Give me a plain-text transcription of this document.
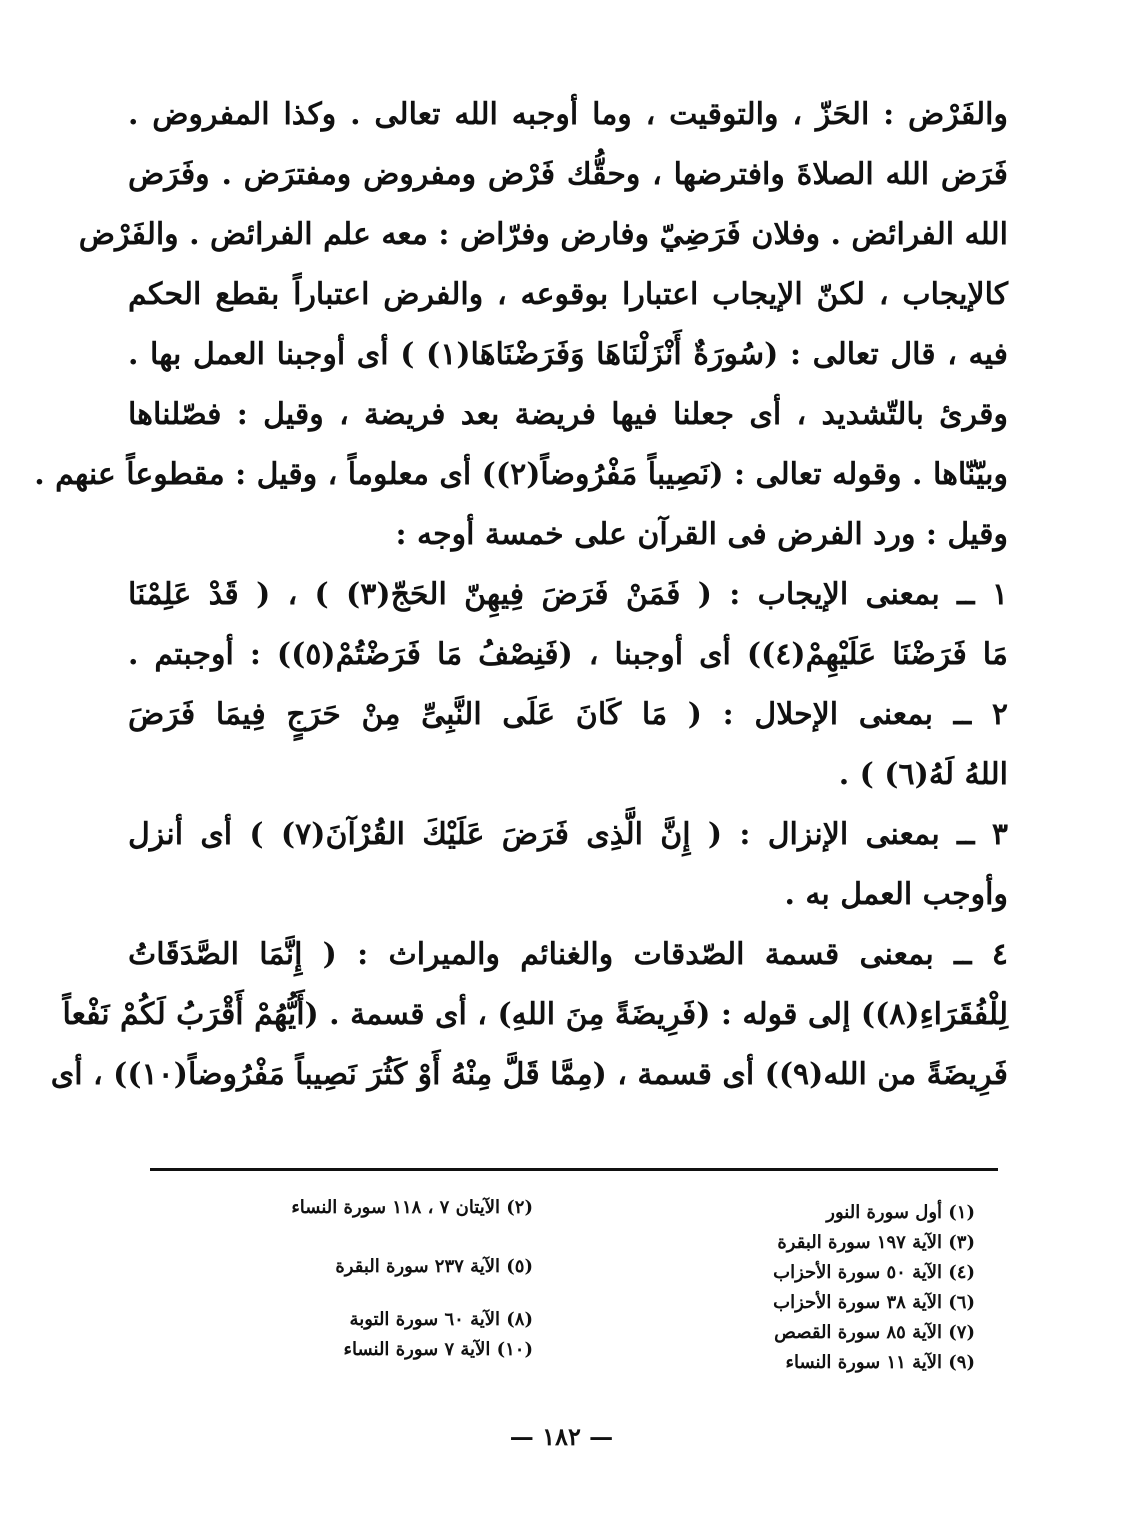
والفَرْض : الحَزّ ، والتوقيت ، وما أوجبه الله تعالى . وكذا المفروض .
فَرَض الله الصلاةَ وافترضها ، وحقُّك فَرْض ومفروض ومفترَض . وفَرَض
الله الفرائض . وفلان فَرَضِيّ وفارض وفرّاض : معه علم الفرائض . والفَرْض
كالإيجاب ، لكنّ الإيجاب اعتبارا بوقوعه ، والفرض اعتباراً بقطع الحكم
فيه ، قال تعالى : (سُورَةٌ أَنْزَلْنَاهَا وَفَرَضْنَاهَا(١) ) أى أوجبنا العمل بها .
وقرئ بالتّشديد ، أى جعلنا فيها فريضة بعد فريضة ، وقيل : فصّلناها
وبيّنّاها . وقوله تعالى : (نَصِيباً مَفْرُوضاً(٢)) أى معلوماً ، وقيل : مقطوعاً عنهم .
وقيل : ورد الفرض فى القرآن على خمسة أوجه :
١ ــ بمعنى الإيجاب : ( فَمَنْ فَرَضَ فِيهِنّ الحَجّ(٣) ) ، ( قَدْ عَلِمْنَا
مَا فَرَضْنَا عَلَيْهِمْ(٤)) أى أوجبنا ، (فَنِصْفُ مَا فَرَضْتُمْ(٥)) : أوجبتم .
٢ ــ بمعنى الإحلال : ( مَا كَانَ عَلَى النَّبِىِّ مِنْ حَرَجٍ فِيمَا فَرَضَ
اللهُ لَهُ(٦) ) .
٣ ــ بمعنى الإنزال : ( إِنَّ الَّذِى فَرَضَ عَلَيْكَ القُرْآنَ(٧) ) أى أنزل
وأوجب العمل به .
٤ ــ بمعنى قسمة الصّدقات والغنائم والميراث : ( إِنَّمَا الصَّدَقَاتُ
لِلْفُقَرَاءِ(٨)) إلى قوله : (فَرِيضَةً مِنَ اللهِ) ، أى قسمة . (أَيُّهُمْ أَقْرَبُ لَكُمْ نَفْعاً
فَرِيضَةً من الله(٩)) أى قسمة ، (مِمَّا قَلَّ مِنْهُ أَوْ كَثُرَ نَصِيباً مَفْرُوضاً(١٠)) ، أى
(١) أول سورة النور
(٣) الآية ١٩٧ سورة البقرة
(٤) الآية ٥٠ سورة الأحزاب
(٦) الآية ٣٨ سورة الأحزاب
(٧) الآية ٨٥ سورة القصص
(٩) الآية ١١ سورة النساء
(٢) الآيتان ٧ ، ١١٨ سورة النساء
(٥) الآية ٢٣٧ سورة البقرة
(٨) الآية ٦٠ سورة التوبة
(١٠) الآية ٧ سورة النساء
— ١٨٢ —
